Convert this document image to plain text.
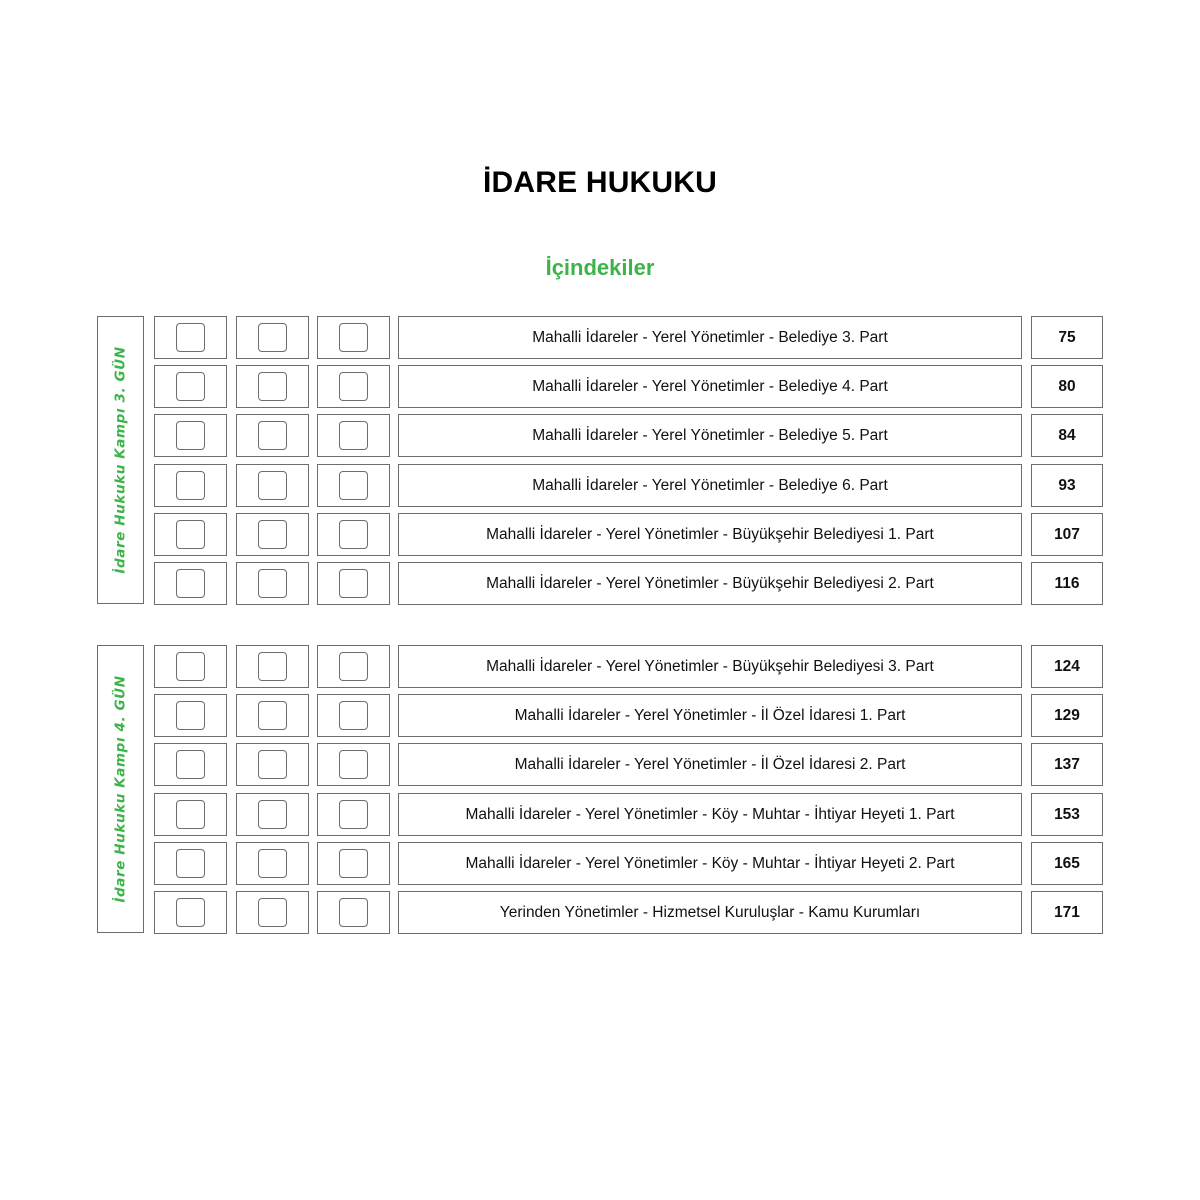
İDARE HUKUKU
İçindekiler
İdare Hukuku Kampı 3. GÜN
Mahalli İdareler - Yerel Yönetimler - Belediye 3. Part	75
Mahalli İdareler - Yerel Yönetimler - Belediye 4. Part	80
Mahalli İdareler - Yerel Yönetimler - Belediye 5. Part	84
Mahalli İdareler - Yerel Yönetimler - Belediye 6. Part	93
Mahalli İdareler - Yerel Yönetimler - Büyükşehir Belediyesi 1. Part	107
Mahalli İdareler - Yerel Yönetimler - Büyükşehir Belediyesi 2. Part	116
İdare Hukuku Kampı 4. GÜN
Mahalli İdareler - Yerel Yönetimler - Büyükşehir Belediyesi 3. Part	124
Mahalli İdareler - Yerel Yönetimler - İl Özel İdaresi 1. Part	129
Mahalli İdareler - Yerel Yönetimler - İl Özel İdaresi 2. Part	137
Mahalli İdareler - Yerel Yönetimler - Köy - Muhtar - İhtiyar Heyeti 1. Part	153
Mahalli İdareler - Yerel Yönetimler - Köy - Muhtar - İhtiyar Heyeti 2. Part	165
Yerinden Yönetimler - Hizmetsel Kuruluşlar - Kamu Kurumları	171
